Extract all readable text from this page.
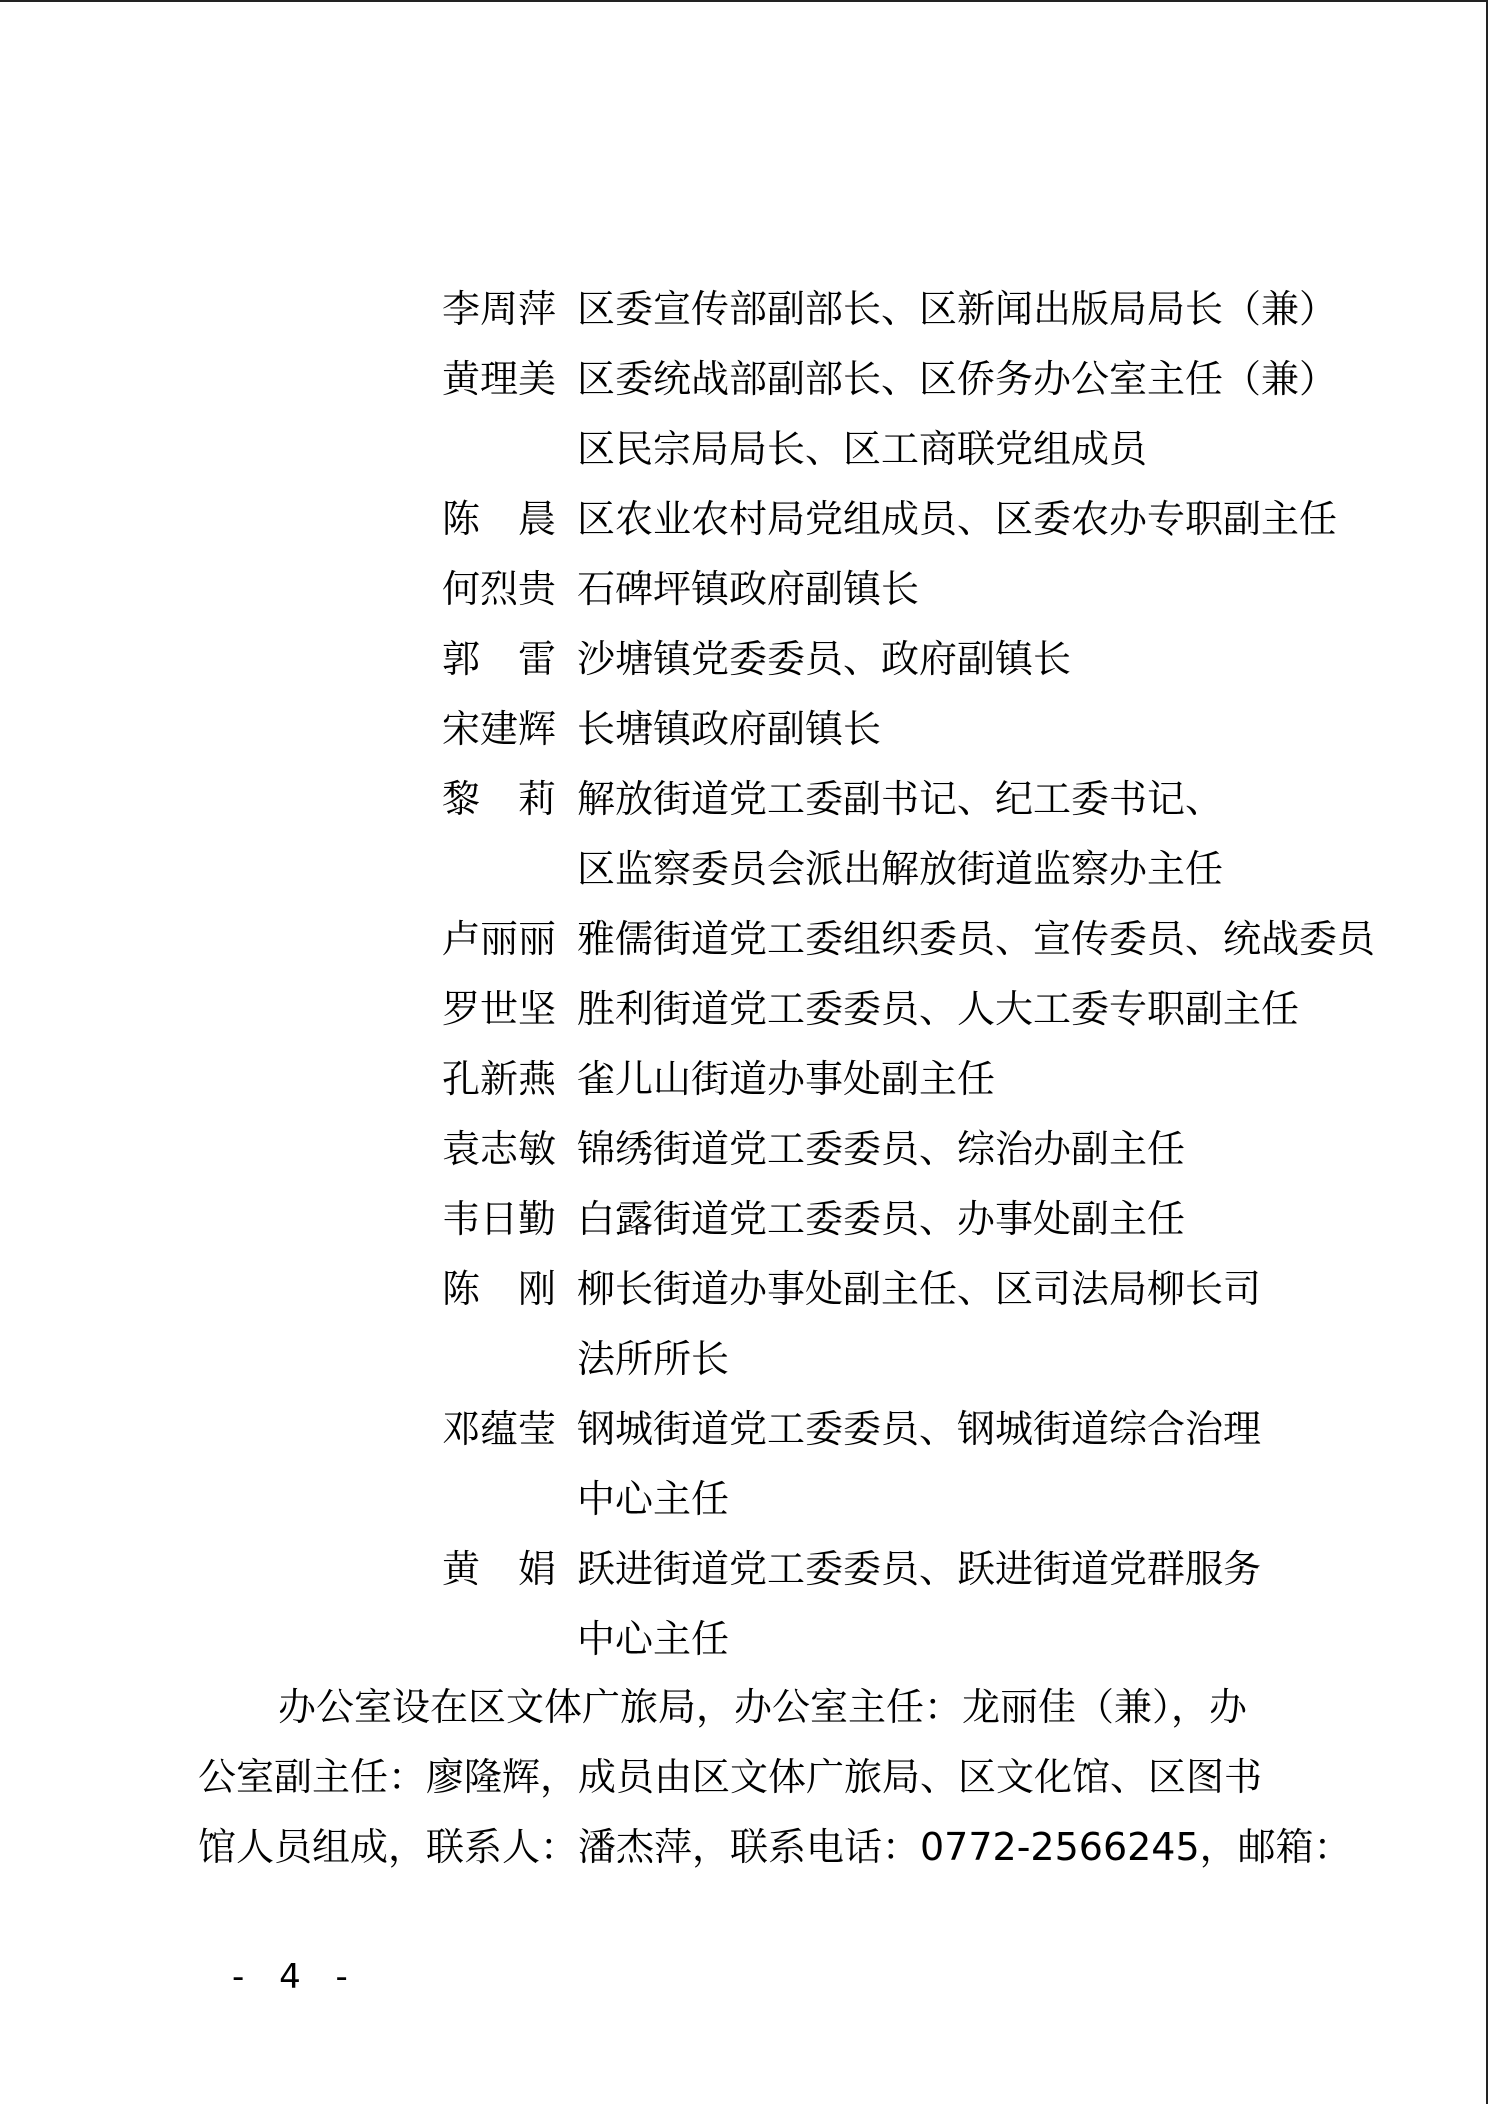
李周萍 区委宣传部副部长、区新闻出版局局长（兼）
黄理美 区委统战部副部长、区侨务办公室主任（兼）
区民宗局局长、区工商联党组成员
陈　晨 区农业农村局党组成员、区委农办专职副主任
何烈贵 石碑坪镇政府副镇长
郭　雷 沙塘镇党委委员、政府副镇长
宋建辉 长塘镇政府副镇长
黎　莉 解放街道党工委副书记、纪工委书记、
区监察委员会派出解放街道监察办主任
卢丽丽 雅儒街道党工委组织委员、宣传委员、统战委员
罗世坚 胜利街道党工委委员、人大工委专职副主任
孔新燕 雀儿山街道办事处副主任
袁志敏 锦绣街道党工委委员、综治办副主任
韦日勤 白露街道党工委委员、办事处副主任
陈　刚 柳长街道办事处副主任、区司法局柳长司
法所所长
邓蕴莹 钢城街道党工委委员、钢城街道综合治理
中心主任
黄　娟 跃进街道党工委委员、跃进街道党群服务
中心主任
办公室设在区文体广旅局，办公室主任：龙丽佳（兼），办
公室副主任：廖隆辉，成员由区文体广旅局、区文化馆、区图书
馆人员组成，联系人：潘杰萍，联系电话：0772-2566245，邮箱：
- 4 -
